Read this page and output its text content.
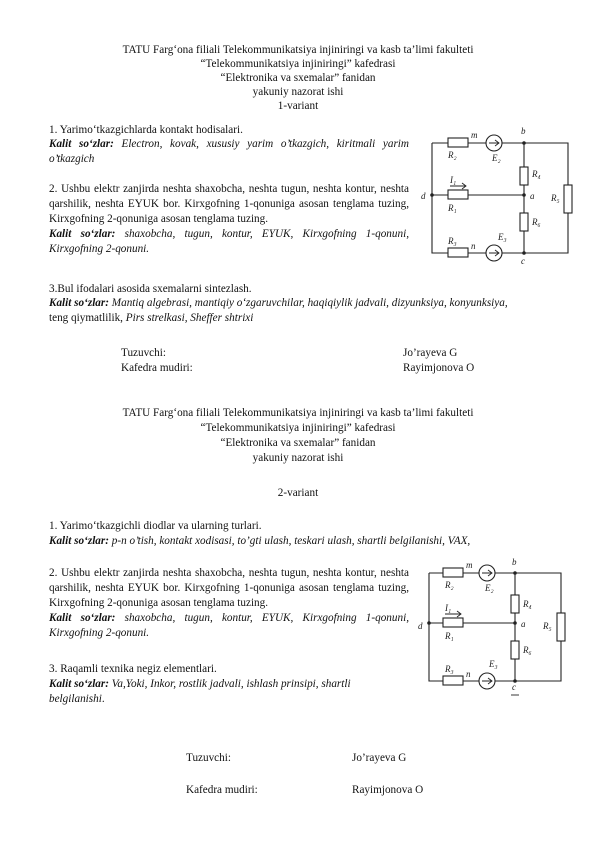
TATU Farg‘ona filiali Telekommunikatsiya injiniringi va kasb ta’limi fakulteti
“Telekommunikatsiya injiniringi” kafedrasi
“Elektronika va sxemalar” fanidan
yakuniy nazorat ishi
1-variant
1. Yarimo‘tkazgichlarda kontakt hodisalari.
Kalit so‘zlar: Electron, kovak, xususiy yarim o’tkazgich, kiritmali yarim o’tkazgich
2. Ushbu elektr zanjirda neshta shaxobcha, neshta tugun, neshta kontur, neshta qarshilik, neshta EYUK bor. Kirxgofning 1-qonuniga asosan tenglama tuzing, Kirxgofning 2-qonuniga asosan tenglama tuzing.
Kalit so‘zlar: shaxobcha, tugun, kontur, EYUK, Kirxgofning 1-qonuni, Kirxgofning 2-qonuni.
3.Bul ifodalari asosida sxemalarni sintezlash.
Kalit so‘zlar: Mantiq algebrasi, mantiqiy o‘zgaruvchilar, haqiqiylik jadvali, dizyunksiya, konyunksiya,
teng qiymatlilik, Pirs strelkasi, Sheffer shtrixi
Tuzuvchi:	Jo’rayeva G
Kafedra mudiri:	Rayimjonova O
b
m
R₂	E₂
R₄
R₅
I₁
d
R₁
a
R₆
R₃ n
E₃
c
TATU Farg‘ona filiali Telekommunikatsiya injiniringi va kasb ta’limi fakulteti
“Telekommunikatsiya injiniringi” kafedrasi
“Elektronika va sxemalar” fanidan
yakuniy nazorat ishi
2-variant
1. Yarimo‘tkazgichli diodlar va ularning turlari.
Kalit so‘zlar: p-n o’tish, kontakt xodisasi, to’gti ulash, teskari ulash, shartli belgilanishi, VAX,
2. Ushbu elektr zanjirda neshta shaxobcha, neshta tugun, neshta kontur, neshta qarshilik, neshta EYUK bor. Kirxgofning 1-qonuniga asosan tenglama tuzing, Kirxgofning 2-qonuniga asosan tenglama tuzing.
Kalit so‘zlar: shaxobcha, tugun, kontur, EYUK, Kirxgofning 1-qonuni, Kirxgofning 2-qonuni.
3. Raqamli texnika negiz elementlari.
Kalit so‘zlar: Va,Yoki, Inkor, rostlik jadvali, ishlash prinsipi, shartli belgilanishi.
Tuzuvchi:	Jo’rayeva G
Kafedra mudiri:	Rayimjonova O
b
m
R₂	E₂
R₄
R₅
I₁
d
R₁
a
R₆
R₃ n
E₃
c
